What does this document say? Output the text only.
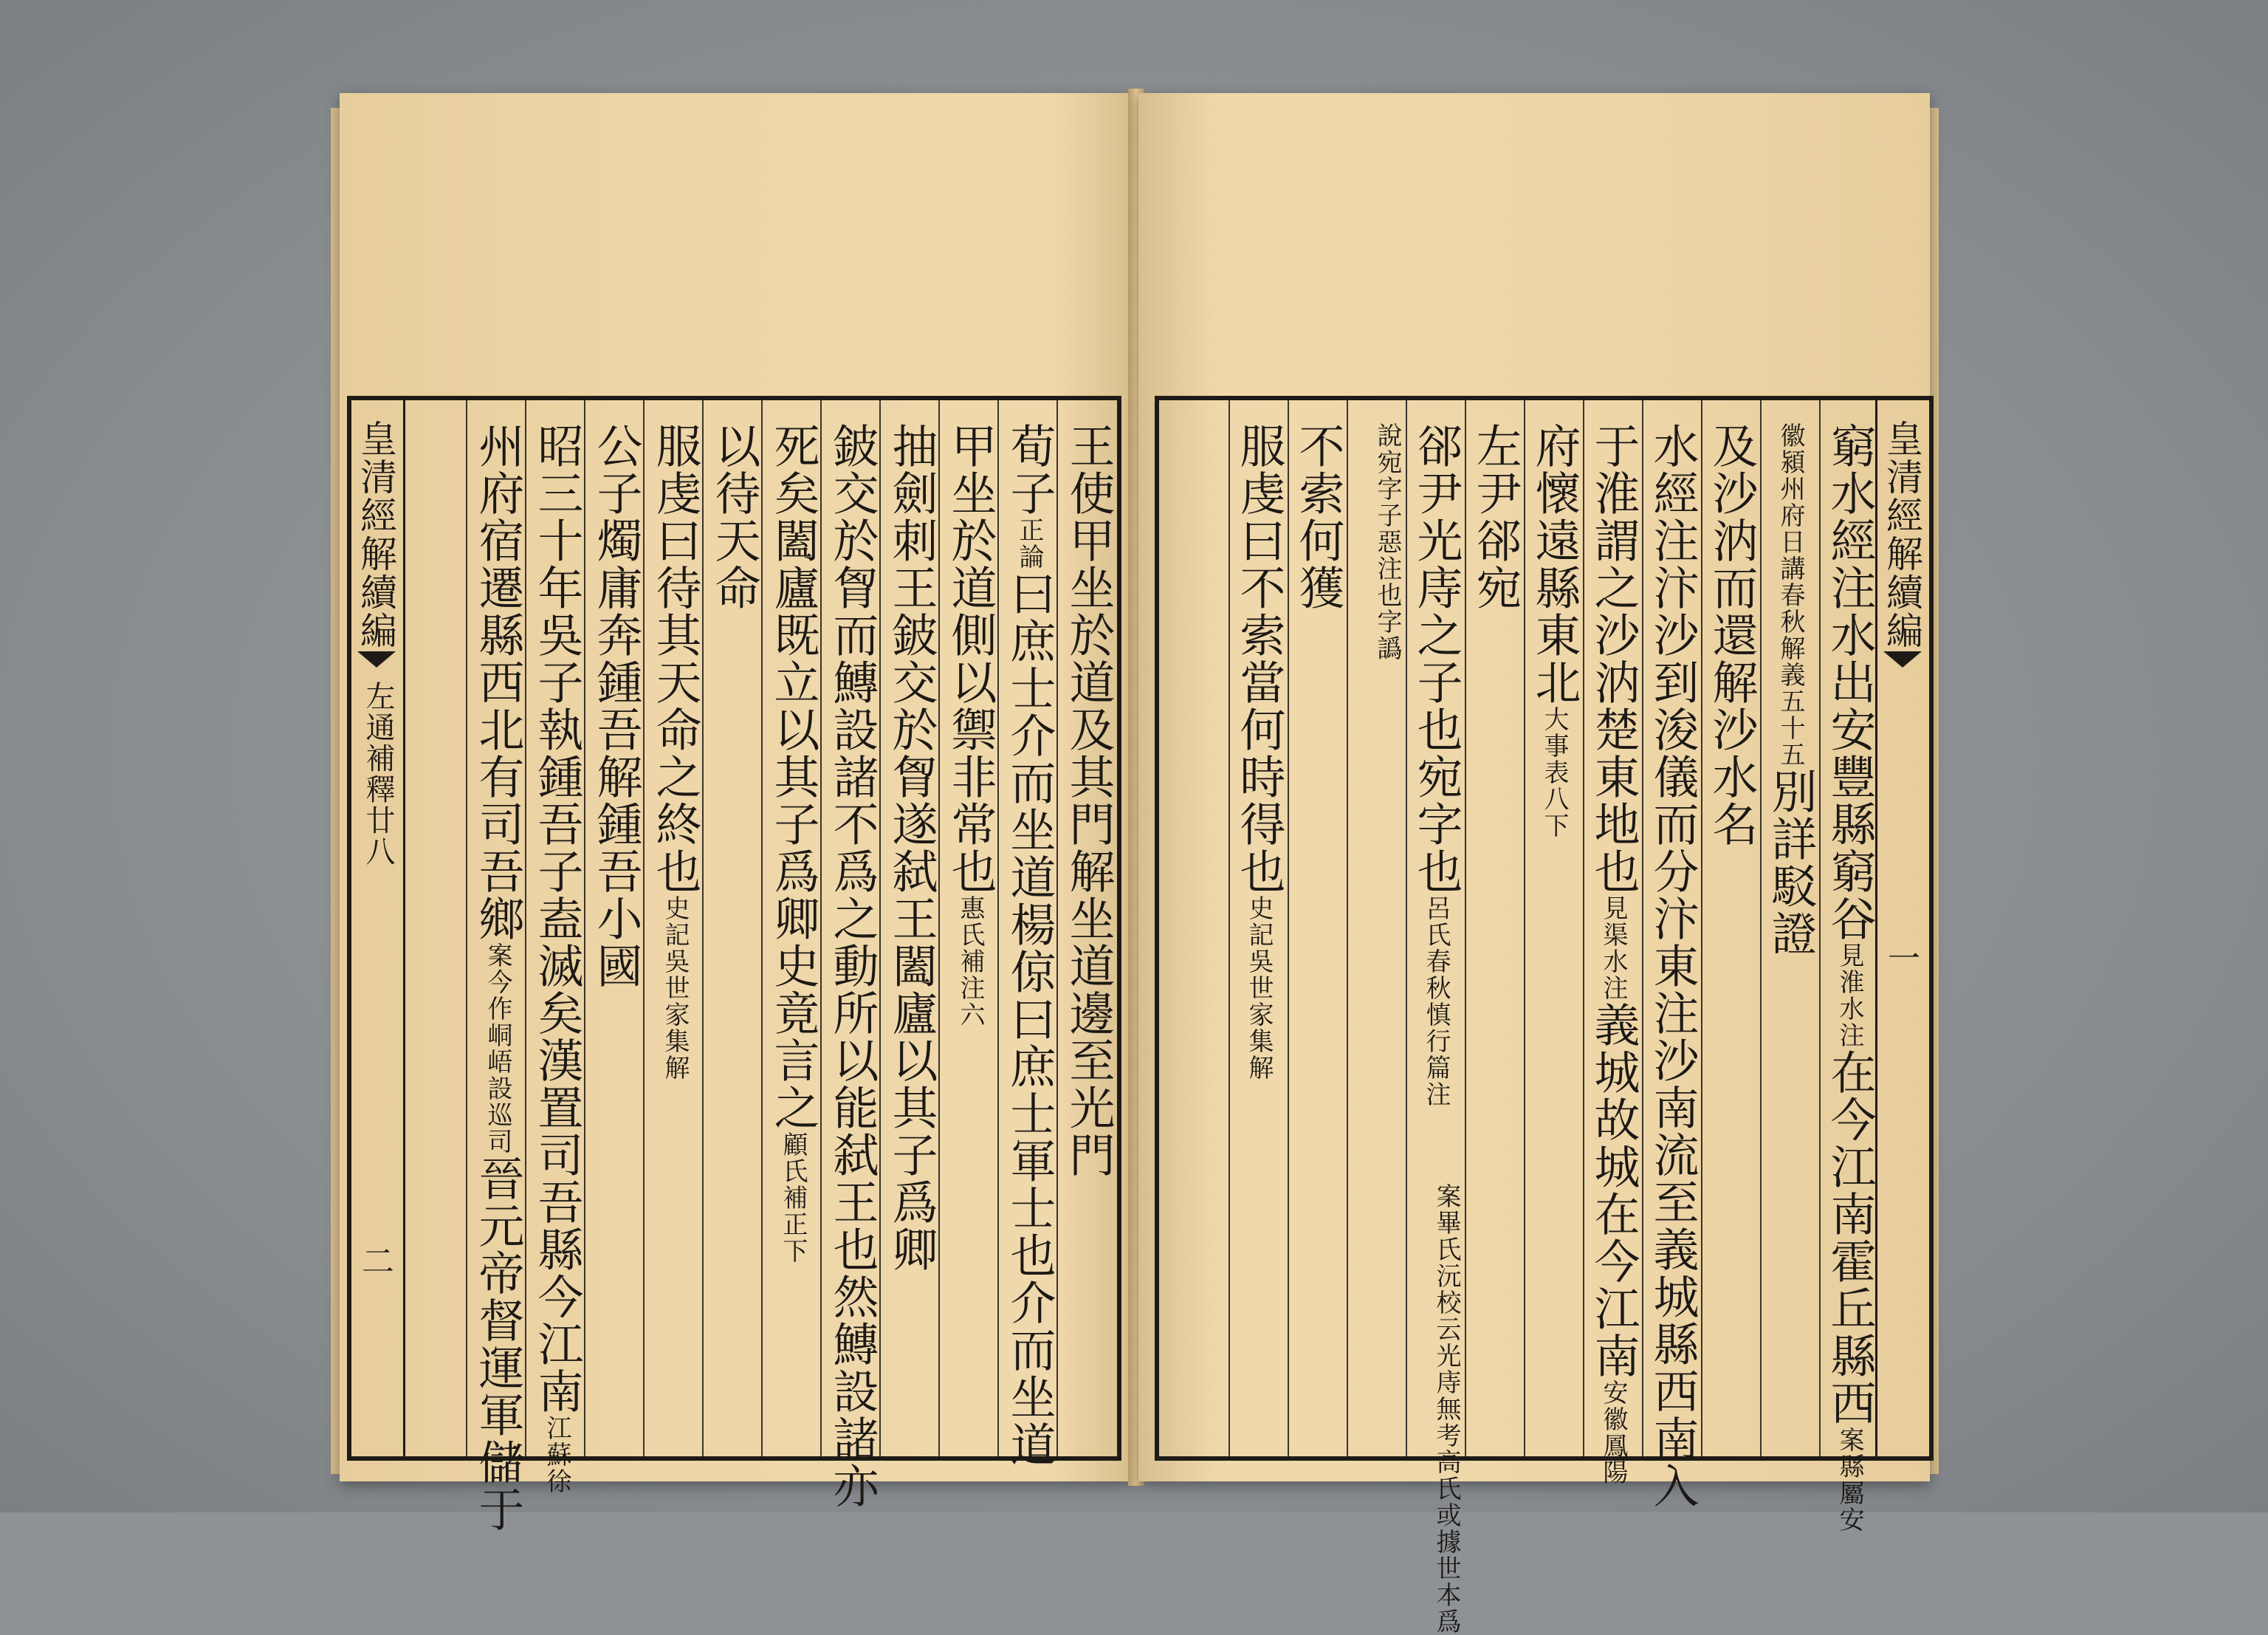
皇清經解續編
左通補釋廿八
二
王使甲坐於道及其門解坐道邊至光門
荀子正論曰庶士介而坐道楊倞曰庶士軍士也介而坐道
甲坐於道側以禦非常也惠氏補注六
抽劍刺王鈹交於胷遂弑王闔廬以其子爲卿
鈹交於胷而鱄設諸不爲之動所以能弑王也然鱄設諸亦
死矣闔廬既立以其子爲卿史竟言之顧氏補正下
以待天命
服虔曰待其天命之終也史記吳世家集解
公子燭庸奔鍾吾解鍾吾小國
昭三十年吳子執鍾吾子盍滅矣漢置司吾縣今江南江蘇徐
州府宿遷縣西北有司吾鄉案今作峒峿設巡司晉元帝督運軍儲于
皇清經解續編
一
窮水經注水出安豐縣窮谷見淮水注在今江南霍丘縣西案縣屬安
徽潁州府日講春秋解義五十五別詳駁證
及沙汭而還解沙水名
水經注汴沙到浚儀而分汴東注沙南流至義城縣西南入
于淮謂之沙汭楚東地也見渠水注義城故城在今江南安徽鳳陽
府懷遠縣東北大事表八下
左尹郤宛
郤尹光庤之子也宛字也呂氏春秋慎行篇注
案畢氏沅校云光庤無考高氏或據世本爲
說宛字子惡注也字譌
不索何獲
服虔曰不索當何時得也史記吳世家集解
